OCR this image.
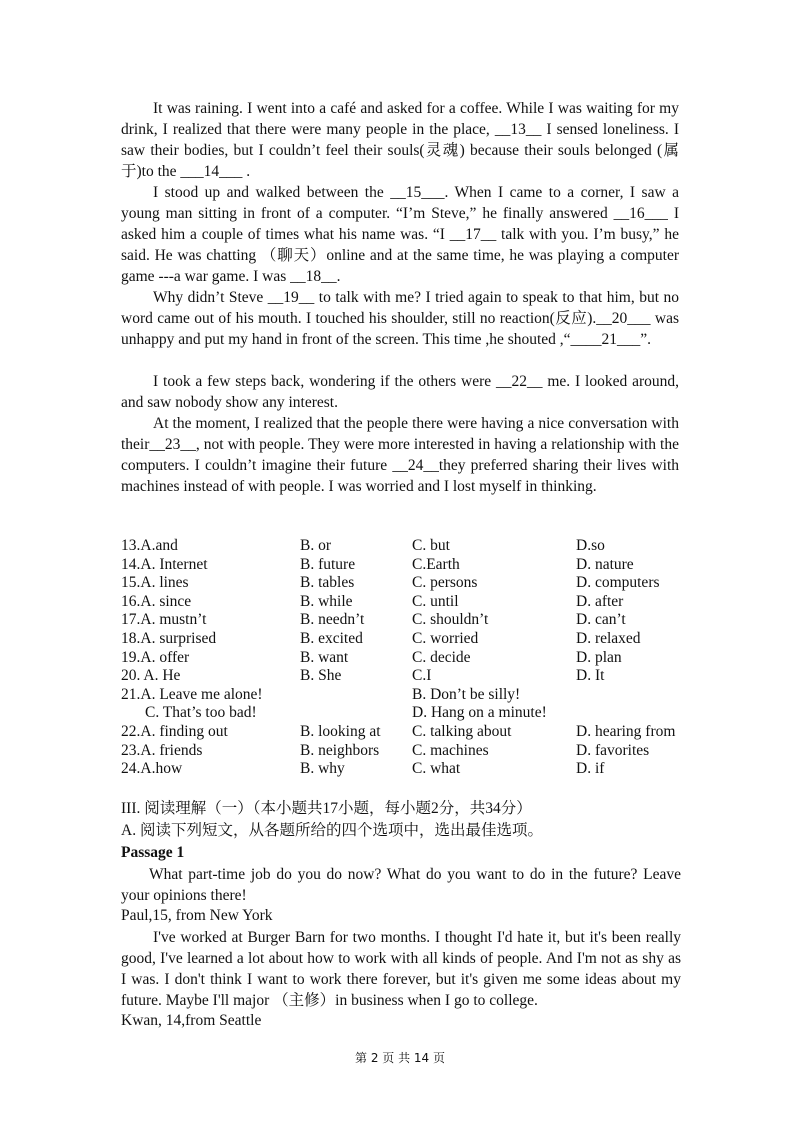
It was raining. I went into a café and asked for a coffee. While I was waiting for my drink, I realized that there were many people in the place, __13__ I sensed loneliness. I saw their bodies, but I couldn’t feel their souls(灵魂) because their souls belonged (属于)to the ___14___ .

I stood up and walked between the __15___. When I came to a corner, I saw a young man sitting in front of a computer. “I’m Steve,” he finally answered __16___ I asked him a couple of times what his name was. “I __17__ talk with you. I’m busy,” he said. He was chatting （聊天）online and at the same time, he was playing a computer game ---a war game. I was __18__.

Why didn’t Steve __19__ to talk with me? I tried again to speak to that him, but no word came out of his mouth. I touched his shoulder, still no reaction(反应).__20___ was unhappy and put my hand in front of the screen. This time ,he shouted ,“____21___”.

I took a few steps back, wondering if the others were __22__ me. I looked around, and saw nobody show any interest.

At the moment, I realized that the people there were having a nice conversation with their__23__, not with people. They were more interested in having a relationship with the computers. I couldn’t imagine their future __24__they preferred sharing their lives with machines instead of with people. I was worried and I lost myself in thinking.

13.A.and	B. or	C. but	D.so
14.A. Internet	B. future	C.Earth	D. nature
15.A. lines	B. tables	C. persons	D. computers
16.A. since	B. while	C. until	D. after
17.A. mustn’t	B. needn’t	C. shouldn’t	D. can’t
18.A. surprised	B. excited	C. worried	D. relaxed
19.A. offer	B. want	C. decide	D. plan
20. A. He	B. She	C.I	D. It
21.A. Leave me alone!	B. Don’t be silly!
C. That’s too bad!	D. Hang on a minute!
22.A. finding out	B. looking at C. talking about	D. hearing from
23.A. friends	B. neighbors C. machines	D. favorites
24.A.how	B. why	C. what	D. if

III. 阅读理解（一）（本小题共17小题，每小题2分，共34分）

A. 阅读下列短文，从各题所给的四个选项中，选出最佳选项。

Passage 1

What part-time job do you do now? What do you want to do in the future? Leave your opinions there!

Paul,15, from New York

I've worked at Burger Barn for two months. I thought I'd hate it, but it's been really good, I've learned a lot about how to work with all kinds of people. And I'm not as shy as I was. I don't think I want to work there forever, but it's given me some ideas about my future. Maybe I'll major （主修）in business when I go to college.

Kwan, 14,from Seattle

第 2 页 共 14 页
